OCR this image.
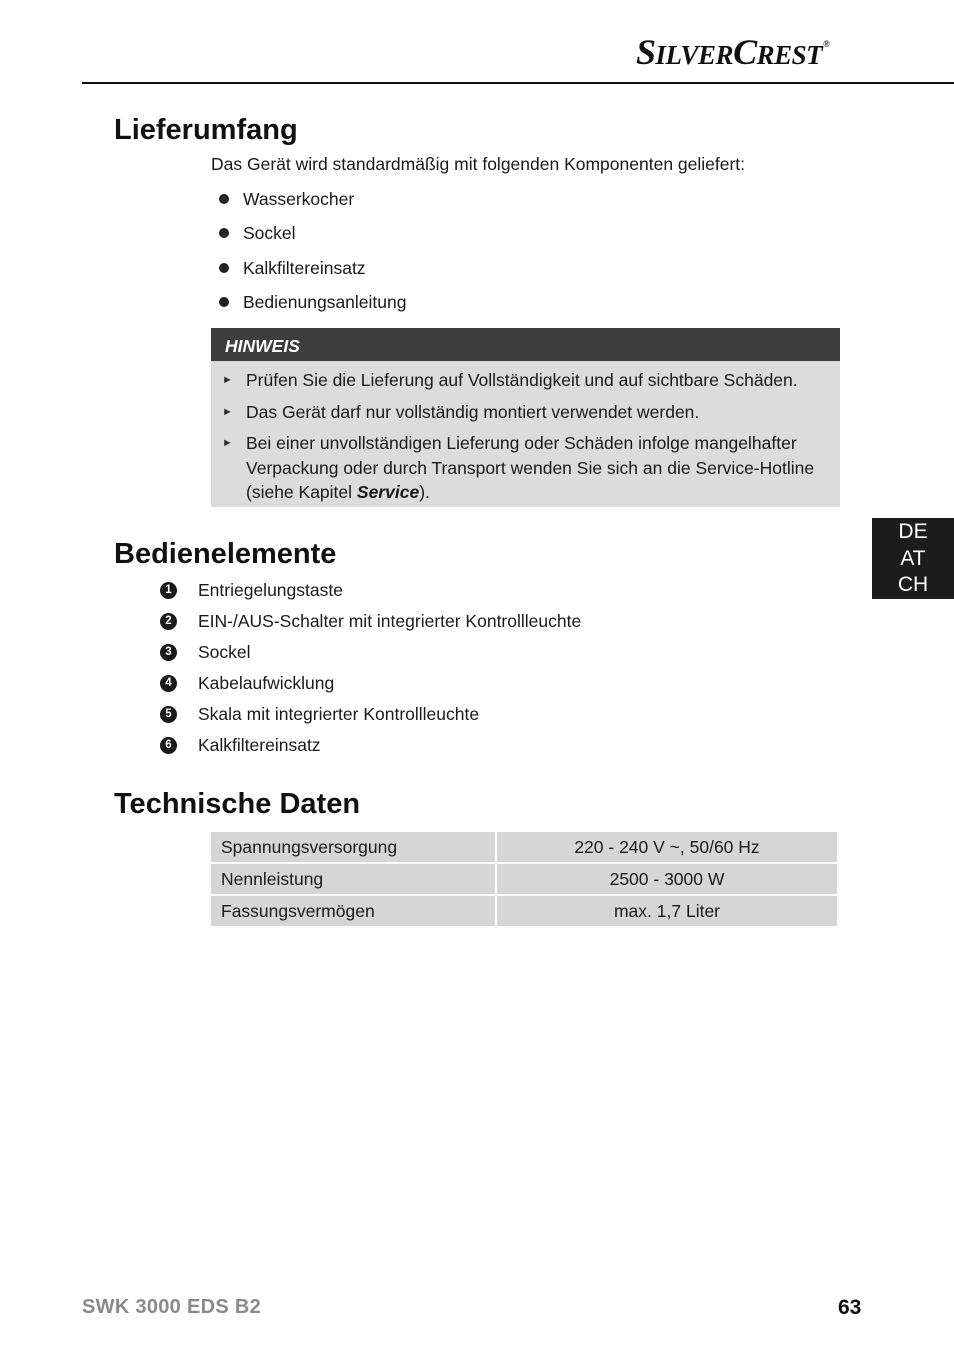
SILVERCREST®
Lieferumfang
Das Gerät wird standardmäßig mit folgenden Komponenten geliefert:
Wasserkocher
Sockel
Kalkfiltereinsatz
Bedienungsanleitung
HINWEIS
► Prüfen Sie die Lieferung auf Vollständigkeit und auf sichtbare Schäden.
► Das Gerät darf nur vollständig montiert verwendet werden.
► Bei einer unvollständigen Lieferung oder Schäden infolge mangelhafter
Verpackung oder durch Transport wenden Sie sich an die Service-Hotline
(siehe Kapitel Service).
DE
AT
CH
Bedienelemente
1	Entriegelungstaste
2	EIN-/AUS-Schalter mit integrierter Kontrollleuchte
3	Sockel
4	Kabelaufwicklung
5	Skala mit integrierter Kontrollleuchte
6	Kalkfiltereinsatz
Technische Daten
Spannungsversorgung	220 - 240 V ~, 50/60 Hz
Nennleistung	2500 - 3000 W
Fassungsvermögen	max. 1,7 Liter
SWK 3000 EDS B2	63
